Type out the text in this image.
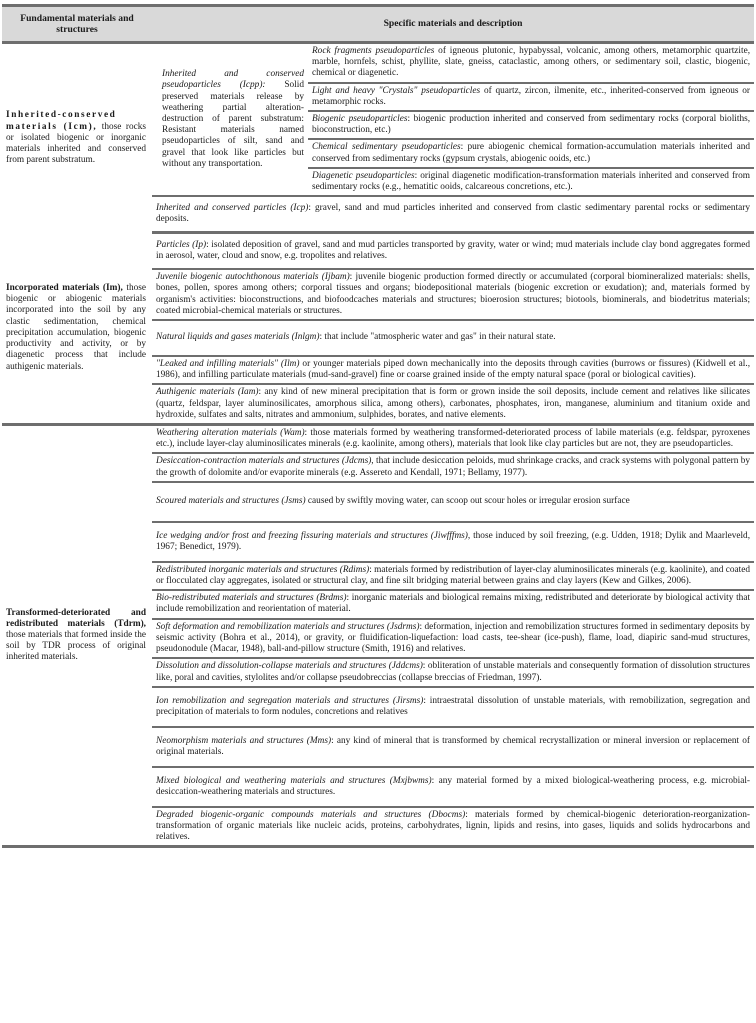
Fundamental materials and structures	Specific materials and description		
Inherited-conserved materials (Icm), those rocks or isolated biogenic or inorganic materials inherited and conserved from parent substratum.		Inherited and conserved pseudoparticles (Icpp): Solid preserved materials release by weathering partial alteration-destruction of parent substratum: Resistant materials named pseudoparticles of silt, sand and gravel that look like particles but without any transportation.	Rock fragments pseudoparticles of igneous plutonic, hypabyssal, volcanic, among others, metamorphic quartzite, marble, hornfels, schist, phyllite, slate, gneiss, cataclastic, among others, or sedimentary soil, clastic, biogenic, chemical or diagenetic.
			Light and heavy "Crystals" pseudoparticles of quartz, zircon, ilmenite, etc., inherited-conserved from igneous or metamorphic rocks.
			Biogenic pseudoparticles: biogenic production inherited and conserved from sedimentary rocks (corporal bioliths, bioconstruction, etc.)
			Chemical sedimentary pseudoparticles: pure abiogenic chemical formation-accumulation materials inherited and conserved from sedimentary rocks (gypsum crystals, abiogenic ooids, etc.)
			Diagenetic pseudoparticles: original diagenetic modification-transformation materials inherited and conserved from sedimentary rocks (e.g., hematitic ooids, calcareous concretions, etc.).
	Inherited and conserved particles (Icp): gravel, sand and mud particles inherited and conserved from clastic sedimentary parental rocks or sedimentary deposits.		
Incorporated materials (Im), those biogenic or abiogenic materials incorporated into the soil by any clastic sedimentation, chemical precipitation accumulation, biogenic productivity and activity, or by diagenetic process that include authigenic materials.	Particles (Ip): isolated deposition of gravel, sand and mud particles transported by gravity, water or wind; mud materials include clay bond aggregates formed in aerosol, water, cloud and snow, e.g. tropolites and relatives.
	Juvenile biogenic autochthonous materials (Ijbam): juvenile biogenic production formed directly or accumulated (corporal biomineralized materials: shells, bones, pollen, spores among others; corporal tissues and organs; biodepositional materials (biogenic excretion or exudation); and, materials formed by organism's activities: bioconstructions, and biofoodcaches materials and structures; bioerosion structures; biotools, biominerals, and biodetritus materials; coated microbial-chemical materials or structures.		
	Natural liquids and gases materials (Inlgm): that include "atmospheric water and gas" in their natural state.		
	"Leaked and infilling materials" (Ilm) or younger materials piped down mechanically into the deposits through cavities (burrows or fissures) (Kidwell et al., 1986), and infilling particulate materials (mud-sand-gravel) fine or coarse grained inside of the empty natural space (poral or biological cavities).		
	Authigenic materials (Iam): any kind of new mineral precipitation that is form or grown inside the soil deposits, include cement and relatives like silicates (quartz, feldspar, layer aluminosilicates, amorphous silica, among others), carbonates, phosphates, iron, manganese, aluminium and titanium oxide and hydroxide, sulfates and salts, nitrates and ammonium, sulphides, borates, and native elements.		
Transformed-deteriorated and redistributed materials (Tdrm), those materials that formed inside the soil by TDR process of original inherited materials.	Weathering alteration materials (Wam): those materials formed by weathering transformed-deteriorated process of labile materials (e.g. feldspar, pyroxenes etc.), include layer-clay aluminosilicates minerals (e.g. kaolinite, among others), materials that look like clay particles but are not, they are pseudoparticles.		
	Desiccation-contraction materials and structures (Jdcms), that include desiccation peloids, mud shrinkage cracks, and crack systems with polygonal pattern by the growth of dolomite and/or evaporite minerals (e.g. Assereto and Kendall, 1971; Bellamy, 1977).		
	Scoured materials and structures (Jsms) caused by swiftly moving water, can scoop out scour holes or irregular erosion surface		
	Ice wedging and/or frost and freezing fissuring materials and structures (Jiwfffms), those induced by soil freezing, (e.g. Udden, 1918; Dylik and Maarleveld, 1967; Benedict, 1979).		
	Redistributed inorganic materials and structures (Rdims): materials formed by redistribution of layer-clay aluminosilicates minerals (e.g. kaolinite), and coated or flocculated clay aggregates, isolated or structural clay, and fine silt bridging material between grains and clay layers (Kew and Gilkes, 2006).		
	Bio-redistributed materials and structures (Brdms): inorganic materials and biological remains mixing, redistributed and deteriorate by biological activity that include remobilization and reorientation of material.		
	Soft deformation and remobilization materials and structures (Jsdrms): deformation, injection and remobilization structures formed in sedimentary deposits by seismic activity (Bohra et al., 2014), or gravity, or fluidification-liquefaction: load casts, tee-shear (ice-push), flame, load, diapiric sand-mud structures, pseudonodule (Macar, 1948), ball-and-pillow structure (Smith, 1916) and relatives.		
	Dissolution and dissolution-collapse materials and structures (Jddcms): obliteration of unstable materials and consequently formation of dissolution structures like, poral and cavities, stylolites and/or collapse pseudobreccias (collapse breccias of Friedman, 1997).		
	Ion remobilization and segregation materials and structures (Jirsms): intraestratal dissolution of unstable materials, with remobilization, segregation and precipitation of materials to form nodules, concretions and relatives		
	Neomorphism materials and structures (Mms): any kind of mineral that is transformed by chemical recrystallization or mineral inversion or replacement of original materials.		
	Mixed biological and weathering materials and structures (Mxjbwms): any material formed by a mixed biological-weathering process, e.g. microbial-desiccation-weathering materials and structures.		
	Degraded biogenic-organic compounds materials and structures (Dbocms): materials formed by chemical-biogenic deterioration-reorganization-transformation of organic materials like nucleic acids, proteins, carbohydrates, lignin, lipids and resins, into gases, liquids and solids hydrocarbons and relatives.		
